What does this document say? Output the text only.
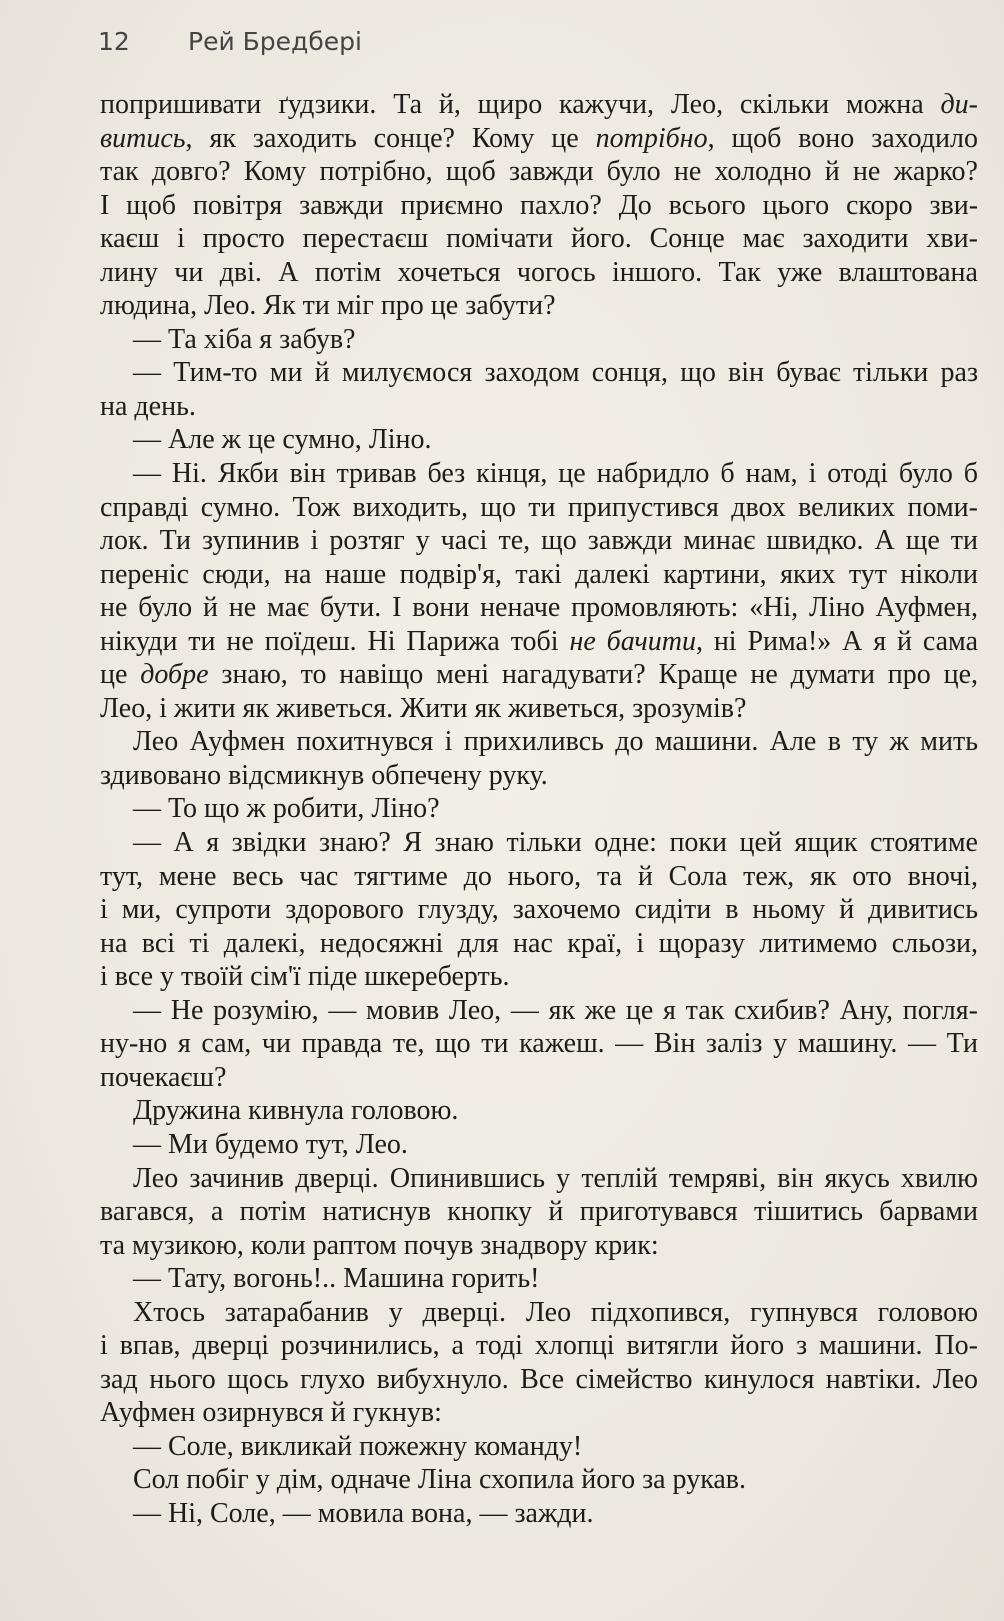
12	Рей Бредбері
попришивати ґудзики. Та й, щиро кажучи, Лео, скільки можна ди-
витись, як заходить сонце? Кому це потрібно, щоб воно заходило
так довго? Кому потрібно, щоб завжди було не холодно й не жарко?
І щоб повітря завжди приємно пахло? До всього цього скоро зви-
каєш і просто перестаєш помічати його. Сонце має заходити хви-
лину чи дві. А потім хочеться чогось іншого. Так уже влаштована
людина, Лео. Як ти міг про це забути?
— Та хіба я забув?
— Тим-то ми й милуємося заходом сонця, що він буває тільки раз
на день.
— Але ж це сумно, Ліно.
— Ні. Якби він тривав без кінця, це набридло б нам, і отоді було б
справді сумно. Тож виходить, що ти припустився двох великих поми-
лок. Ти зупинив і розтяг у часі те, що завжди минає швидко. А ще ти
переніс сюди, на наше подвір'я, такі далекі картини, яких тут ніколи
не було й не має бути. І вони неначе промовляють: «Ні, Ліно Ауфмен,
нікуди ти не поїдеш. Ні Парижа тобі не бачити, ні Рима!» А я й сама
це добре знаю, то навіщо мені нагадувати? Краще не думати про це,
Лео, і жити як живеться. Жити як живеться, зрозумів?
Лео Ауфмен похитнувся і прихиливсь до машини. Але в ту ж мить
здивовано відсмикнув обпечену руку.
— То що ж робити, Ліно?
— А я звідки знаю? Я знаю тільки одне: поки цей ящик стоятиме
тут, мене весь час тягтиме до нього, та й Сола теж, як ото вночі,
і ми, супроти здорового глузду, захочемо сидіти в ньому й дивитись
на всі ті далекі, недосяжні для нас краї, і щоразу литимемо сльози,
і все у твоїй сім'ї піде шкереберть.
— Не розумію, — мовив Лео, — як же це я так схибив? Ану, погля-
ну-но я сам, чи правда те, що ти кажеш. — Він заліз у машину. — Ти
почекаєш?
Дружина кивнула головою.
— Ми будемо тут, Лео.
Лео зачинив дверці. Опинившись у теплій темряві, він якусь хвилю
вагався, а потім натиснув кнопку й приготувався тішитись барвами
та музикою, коли раптом почув знадвору крик:
— Тату, вогонь!.. Машина горить!
Хтось затарабанив у дверці. Лео підхопився, гупнувся головою
і впав, дверці розчинились, а тоді хлопці витягли його з машини. По-
зад нього щось глухо вибухнуло. Все сімейство кинулося навтіки. Лео
Ауфмен озирнувся й гукнув:
— Соле, викликай пожежну команду!
Сол побіг у дім, одначе Ліна схопила його за рукав.
— Ні, Соле, — мовила вона, — зажди.
